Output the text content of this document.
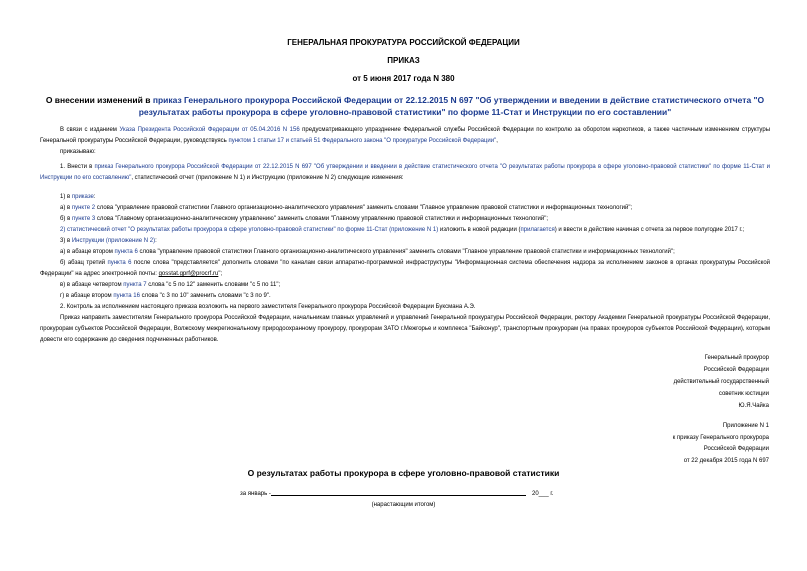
ГЕНЕРАЛЬНАЯ ПРОКУРАТУРА РОССИЙСКОЙ ФЕДЕРАЦИИ
ПРИКАЗ
от 5 июня 2017 года N 380
О внесении изменений в приказ Генерального прокурора Российской Федерации от 22.12.2015 N 697 "Об утверждении и введении в действие статистического отчета "О результатах работы прокурора в сфере уголовно-правовой статистики" по форме 11-Стат и Инструкции по его составлении"

В связи с изданием Указа Президента Российской Федерации от 05.04.2016 N 156 предусматривающего упразднение Федеральной службы Российской Федерации по контролю за оборотом наркотиков, а также частичным изменением структуры Генеральной прокуратуры Российской Федерации, руководствуясь пунктом 1 статьи 17 и статьей 51 Федерального закона "О прокуратуре Российской Федерации",

приказываю:

1. Внести в приказ Генерального прокурора Российской Федерации от 22.12.2015 N 697 "Об утверждении и введении в действие статистического отчета "О результатах работы прокурора в сфере уголовно-правовой статистики" по форме 11-Стат и Инструкции по его составлению", статистический отчет (приложение N 1) и Инструкцию (приложение N 2) следующие изменения:

1) в приказе:

а) в пункте 2 слова "управление правовой статистики Главного организационно-аналитического управления" заменить словами "Главное управление правовой статистики и информационных технологий";

б) в пункте 3 слова "Главному организационно-аналитическому управлению" заменить словами "Главному управлению правовой статистики и информационных технологий";

2) статистический отчет "О результатах работы прокурора в сфере уголовно-правовой статистики" по форме 11-Стат (приложение N 1) изложить в новой редакции (прилагается) и ввести в действие начиная с отчета за первое полугодие 2017 г.;

3) в Инструкции (приложение N 2):

а) в абзаце втором пункта 6 слова "управление правовой статистики Главного организационно-аналитического управления" заменить словами "Главное управление правовой статистики и информационных технологий";

б) абзац третий пункта 6 после слова "представляется" дополнить словами "по каналам связи аппаратно-программной инфраструктуры "Информационная система обеспечения надзора за исполнением законов в органах прокуратуры Российской Федерации" на адрес электронной почты: gosstat.gprf@procrf.ru";

в) в абзаце четвертом пункта 7 слова "с 5 по 12" заменить словами "с 5 по 11";

г) в абзаце втором пункта 16 слова "с 3 по 10" заменить словами "с 3 по 9".

2. Контроль за исполнением настоящего приказа возложить на первого заместителя Генерального прокурора Российской Федерации Буксмана А.Э.

Приказ направить заместителям Генерального прокурора Российской Федерации, начальникам главных управлений и управлений Генеральной прокуратуры Российской Федерации, ректору Академии Генеральной прокуратуры Российской Федерации, прокурорам субъектов Российской Федерации, Волжскому межрегиональному природоохранному прокурору, прокурорам ЗАТО г.Межгорье и комплекса "Байконур", транспортным прокурорам (на правах прокуроров субъектов Российской Федерации), которым довести его содержание до сведения подчиненных работников.

Генеральный прокурор
Российской Федерации
действительный государственный
советник юстиции
Ю.Я.Чайка
Приложение N 1
к приказу Генерального прокурора
Российской Федерации
от 22 декабря 2015 года N 697
О результатах работы прокурора в сфере уголовно-правовой статистики
за январь -	20___ г.
(нарастающим итогом)
